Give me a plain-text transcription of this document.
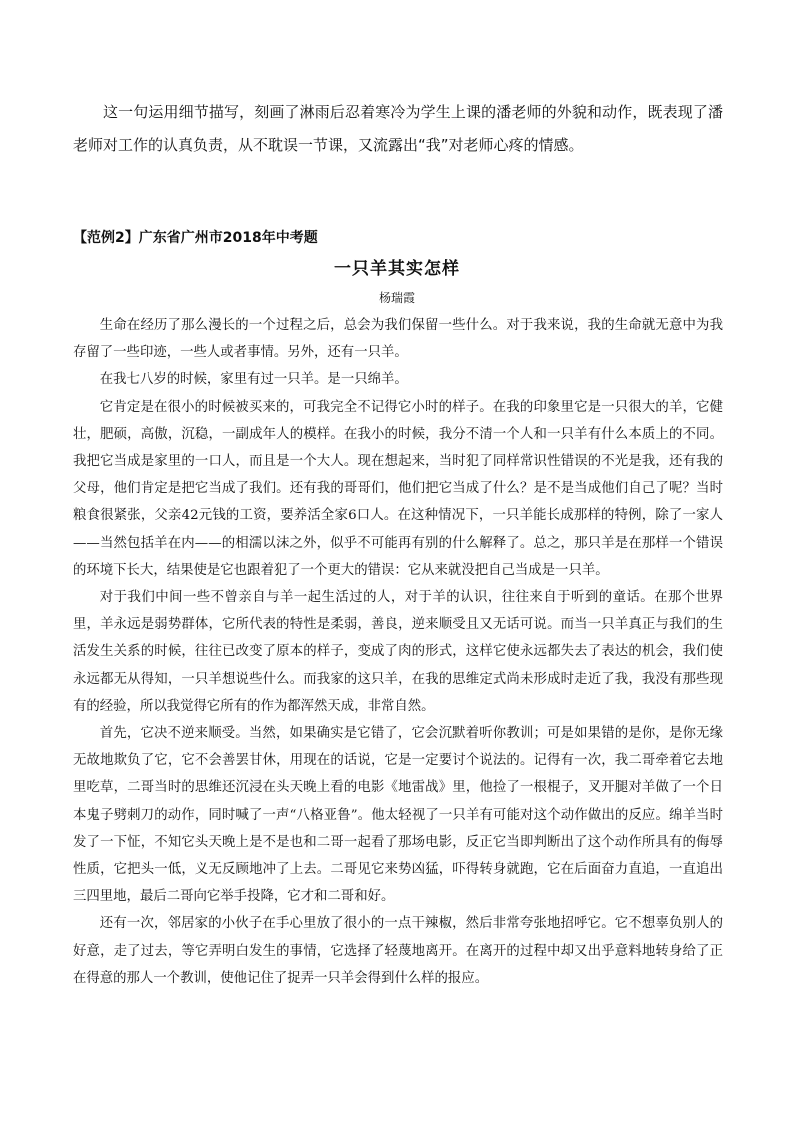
这一句运用细节描写，刻画了淋雨后忍着寒冷为学生上课的潘老师的外貌和动作，既表现了潘老师对工作的认真负责，从不耽误一节课，又流露出“我”对老师心疼的情感。

【范例2】广东省广州市2018年中考题

一只羊其实怎样

杨瑞霞

生命在经历了那么漫长的一个过程之后，总会为我们保留一些什么。对于我来说，我的生命就无意中为我存留了一些印迹，一些人或者事情。另外，还有一只羊。

在我七八岁的时候，家里有过一只羊。是一只绵羊。

它肯定是在很小的时候被买来的，可我完全不记得它小时的样子。在我的印象里它是一只很大的羊，它健壮，肥硕，高傲，沉稳，一副成年人的模样。在我小的时候，我分不清一个人和一只羊有什么本质上的不同。我把它当成是家里的一口人，而且是一个大人。现在想起来，当时犯了同样常识性错误的不光是我，还有我的父母，他们肯定是把它当成了我们。还有我的哥哥们，他们把它当成了什么？是不是当成他们自己了呢？当时粮食很紧张，父亲42元钱的工资，要养活全家6口人。在这种情况下，一只羊能长成那样的特例，除了一家人——当然包括羊在内——的相濡以沫之外，似乎不可能再有别的什么解释了。总之，那只羊是在那样一个错误的环境下长大，结果使是它也跟着犯了一个更大的错误：它从来就没把自己当成是一只羊。

对于我们中间一些不曾亲自与羊一起生活过的人，对于羊的认识，往往来自于听到的童话。在那个世界里，羊永远是弱势群体，它所代表的特性是柔弱，善良，逆来顺受且又无话可说。而当一只羊真正与我们的生活发生关系的时候，往往已改变了原本的样子，变成了肉的形式，这样它使永远都失去了表达的机会，我们使永远都无从得知，一只羊想说些什么。而我家的这只羊，在我的思维定式尚未形成时走近了我，我没有那些现有的经验，所以我觉得它所有的作为都浑然天成，非常自然。

首先，它决不逆来顺受。当然，如果确实是它错了，它会沉默着听你教训；可是如果错的是你，是你无缘无故地欺负了它，它不会善罢甘休，用现在的话说，它是一定要讨个说法的。记得有一次，我二哥牵着它去地里吃草，二哥当时的思维还沉浸在头天晚上看的电影《地雷战》里，他捡了一根棍子，叉开腿对羊做了一个日本鬼子劈刺刀的动作，同时喊了一声“八格亚鲁”。他太轻视了一只羊有可能对这个动作做出的反应。绵羊当时发了一下怔，不知它头天晚上是不是也和二哥一起看了那场电影，反正它当即判断出了这个动作所具有的侮辱性质，它把头一低，义无反顾地冲了上去。二哥见它来势凶猛，吓得转身就跑，它在后面奋力直追，一直追出三四里地，最后二哥向它举手投降，它才和二哥和好。

还有一次，邻居家的小伙子在手心里放了很小的一点干辣椒，然后非常夸张地招呼它。它不想辜负别人的好意，走了过去，等它弄明白发生的事情，它选择了轻蔑地离开。在离开的过程中却又出乎意料地转身给了正在得意的那人一个教训，使他记住了捉弄一只羊会得到什么样的报应。
